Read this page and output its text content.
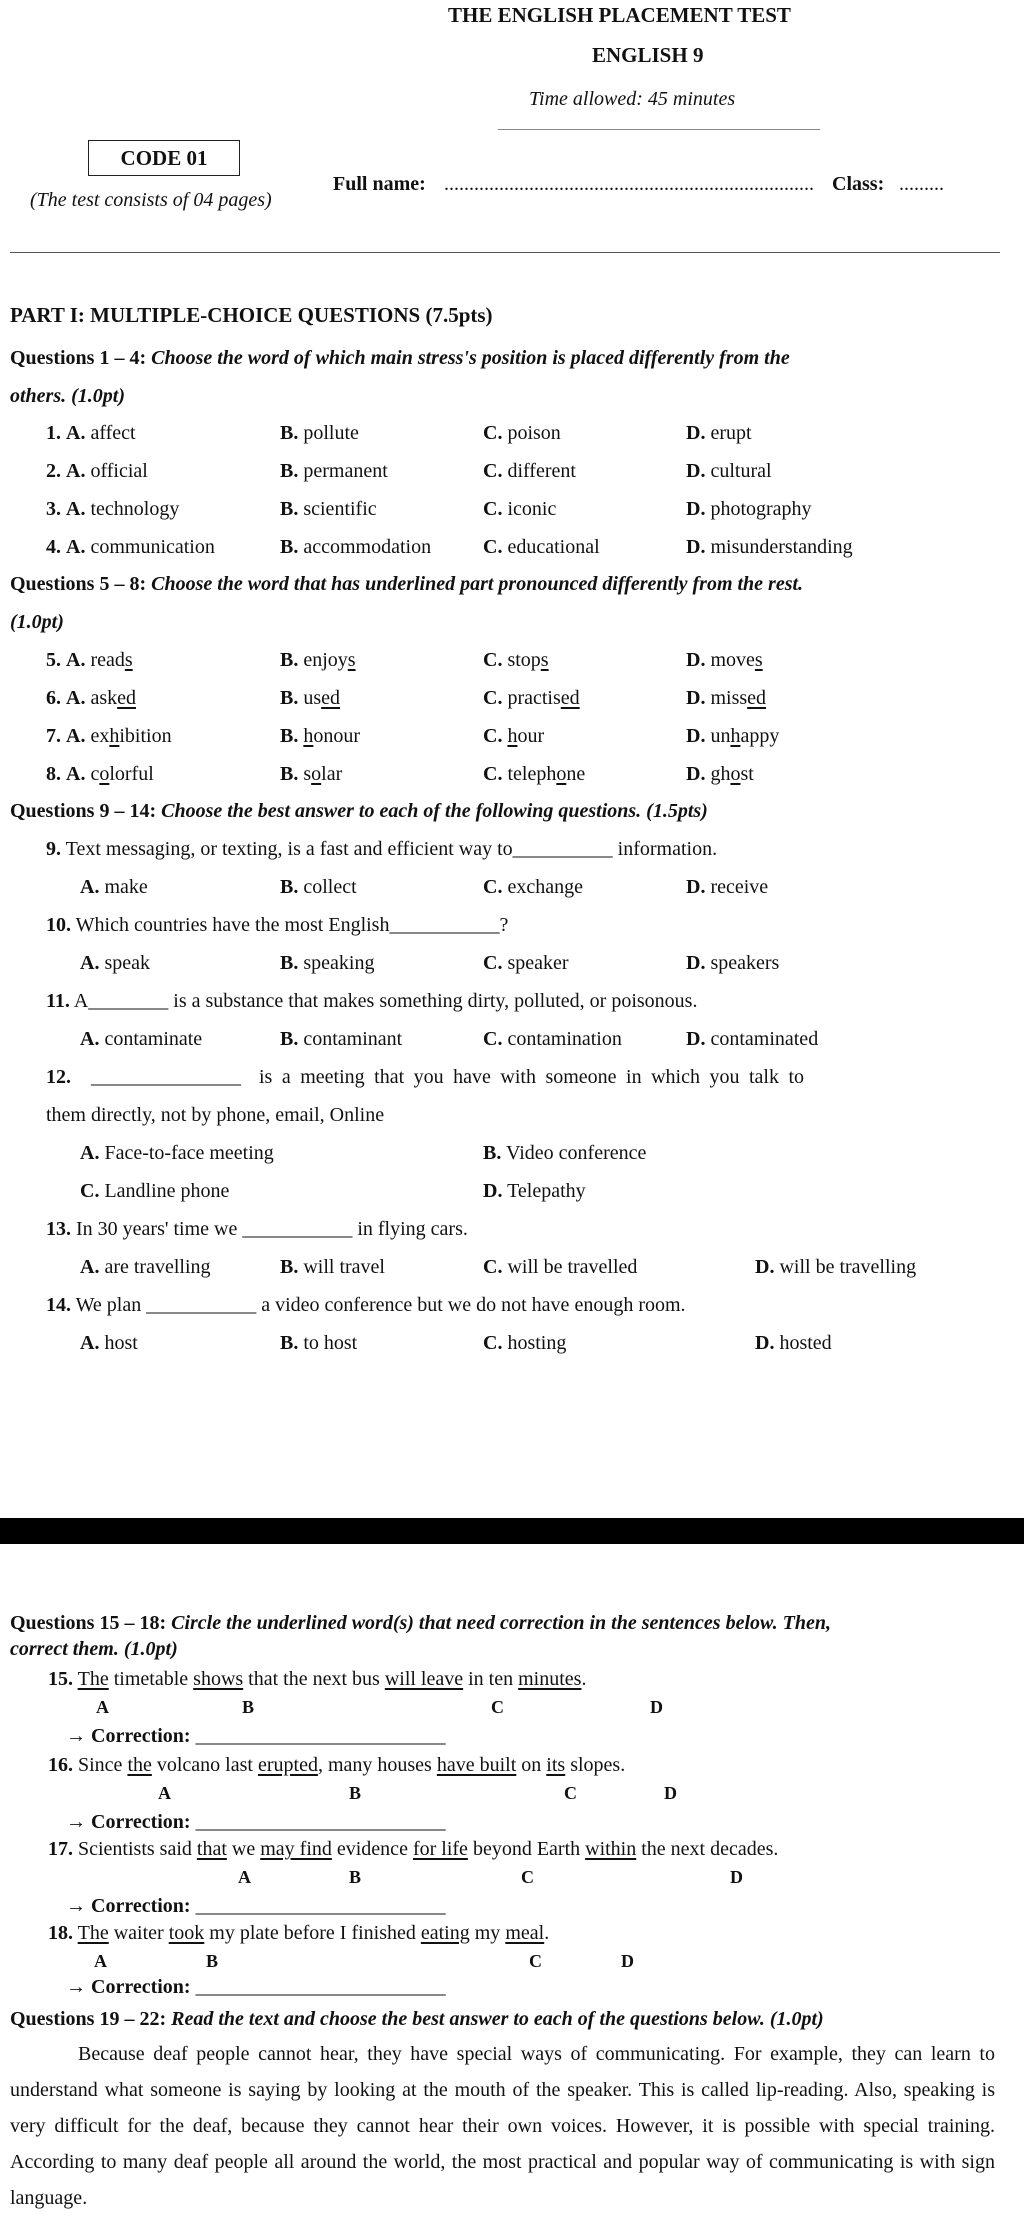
THE ENGLISH PLACEMENT TEST
ENGLISH 9
Time allowed: 45 minutes
CODE 01
(The test consists of 04 pages)
Full name: .......................................................................... Class: .........
PART I: MULTIPLE-CHOICE QUESTIONS (7.5pts)
Questions 1 – 4: Choose the word of which main stress's position is placed differently from the
others. (1.0pt)
1. A. affect	B. pollute	C. poison	D. erupt
2. A. official	B. permanent	C. different	D. cultural
3. A. technology	B. scientific	C. iconic	D. photography
4. A. communication	B. accommodation	C. educational	D. misunderstanding
Questions 5 – 8: Choose the word that has underlined part pronounced differently from the rest.
(1.0pt)
5. A. reads	B. enjoys	C. stops	D. moves
6. A. asked	B. used	C. practised	D. missed
7. A. exhibition	B. honour	C. hour	D. unhappy
8. A. colorful	B. solar	C. telephone	D. ghost
Questions 9 – 14: Choose the best answer to each of the following questions. (1.5pts)
9. Text messaging, or texting, is a fast and efficient way to__________ information.
A. make	B. collect	C. exchange	D. receive
10. Which countries have the most English___________?
A. speak	B. speaking	C. speaker	D. speakers
11. A________ is a substance that makes something dirty, polluted, or poisonous.
A. contaminate	B. contaminant	C. contamination	D. contaminated
12. _______________ is a meeting that you have with someone in which you talk to
them directly, not by phone, email, Online
A. Face-to-face meeting	B. Video conference
C. Landline phone	D. Telepathy
13. In 30 years' time we ___________ in flying cars.
A. are travelling	B. will travel	C. will be travelled	D. will be travelling
14. We plan ___________ a video conference but we do not have enough room.
A. host	B. to host	C. hosting	D. hosted
Questions 15 – 18: Circle the underlined word(s) that need correction in the sentences below. Then,
correct them. (1.0pt)
15. The timetable shows that the next bus will leave in ten minutes.
A	B	C	D
→ Correction: _________________________
16. Since the volcano last erupted, many houses have built on its slopes.
A	B	C	D
→ Correction: _________________________
17. Scientists said that we may find evidence for life beyond Earth within the next decades.
A	B	C	D
→ Correction: _________________________
18. The waiter took my plate before I finished eating my meal.
A	B	C	D
→ Correction: _________________________
Questions 19 – 22: Read the text and choose the best answer to each of the questions below. (1.0pt)
Because deaf people cannot hear, they have special ways of communicating. For example, they can learn to understand what someone is saying by looking at the mouth of the speaker. This is called lip-reading. Also, speaking is very difficult for the deaf, because they cannot hear their own voices. However, it is possible with special training. According to many deaf people all around the world, the most practical and popular way of communicating is with sign language.
